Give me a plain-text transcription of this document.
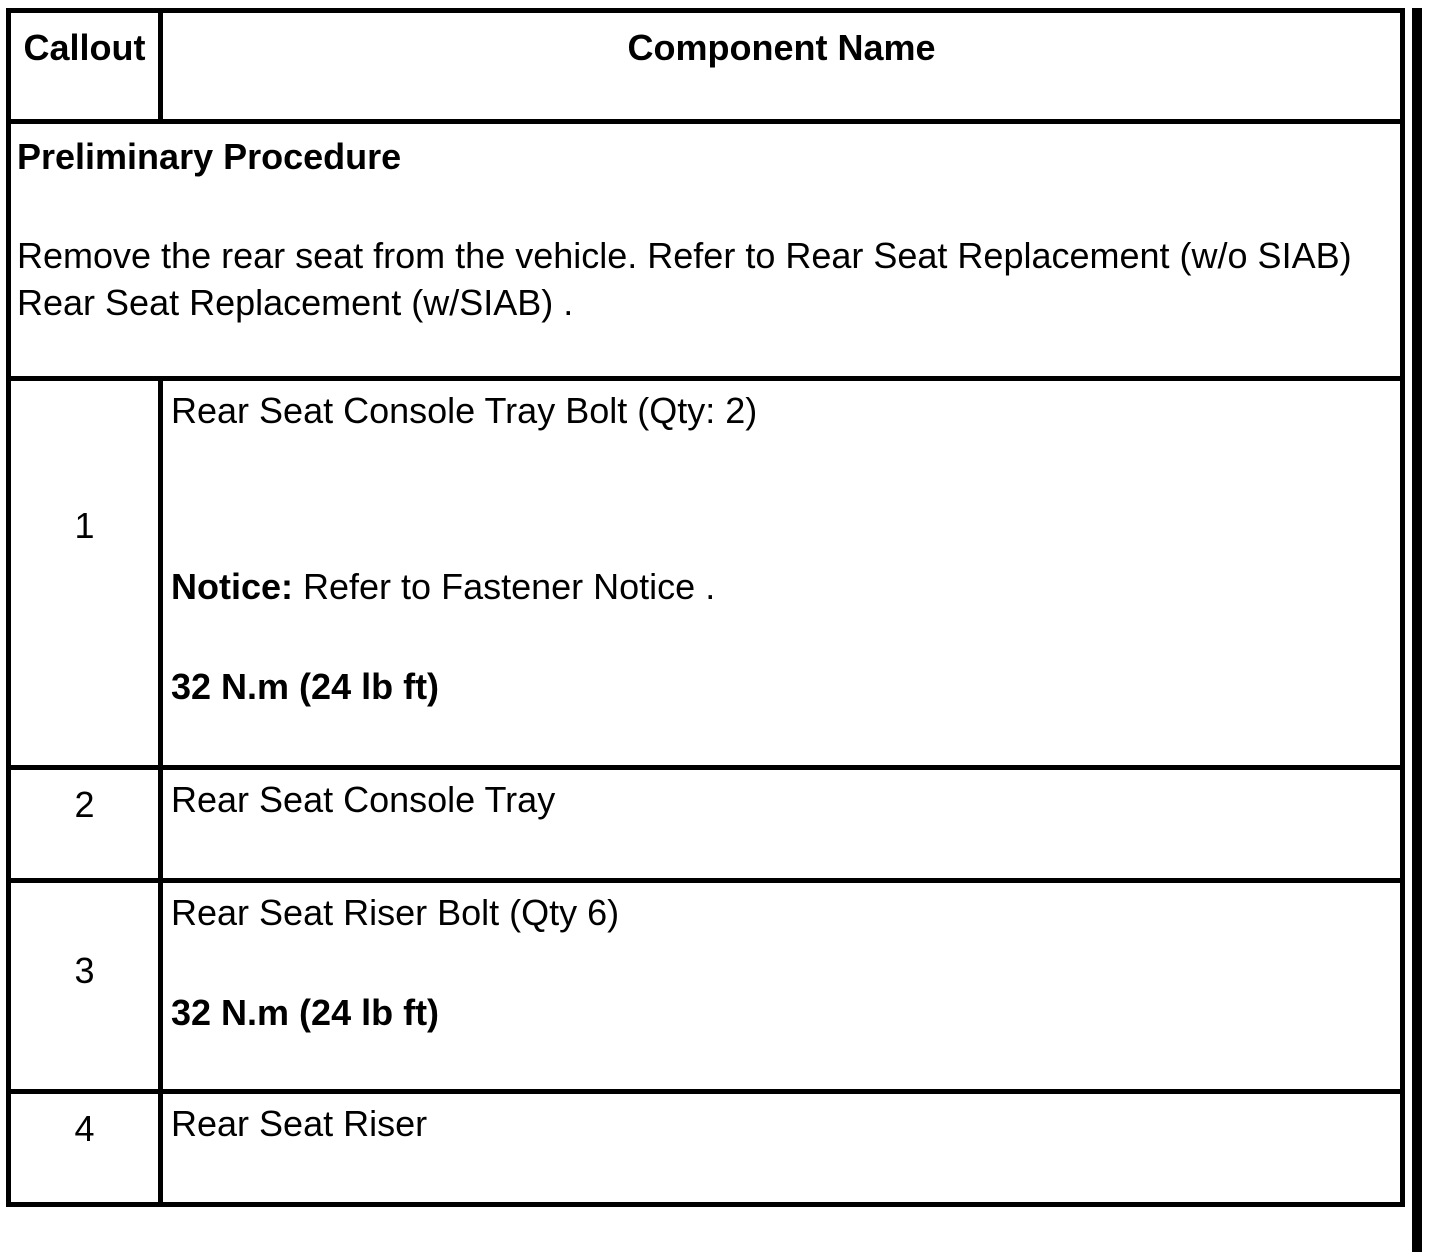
Callout	Component Name

Preliminary Procedure
Remove the rear seat from the vehicle. Refer to Rear Seat Replacement (w/o SIAB) Rear Seat Replacement (w/SIAB) .	

1	Rear Seat Console Tray Bolt (Qty: 2)
Notice: Refer to Fastener Notice .
32 N.m (24 lb ft)

2	Rear Seat Console Tray

3	Rear Seat Riser Bolt (Qty 6)
32 N.m (24 lb ft)

4	Rear Seat Riser
